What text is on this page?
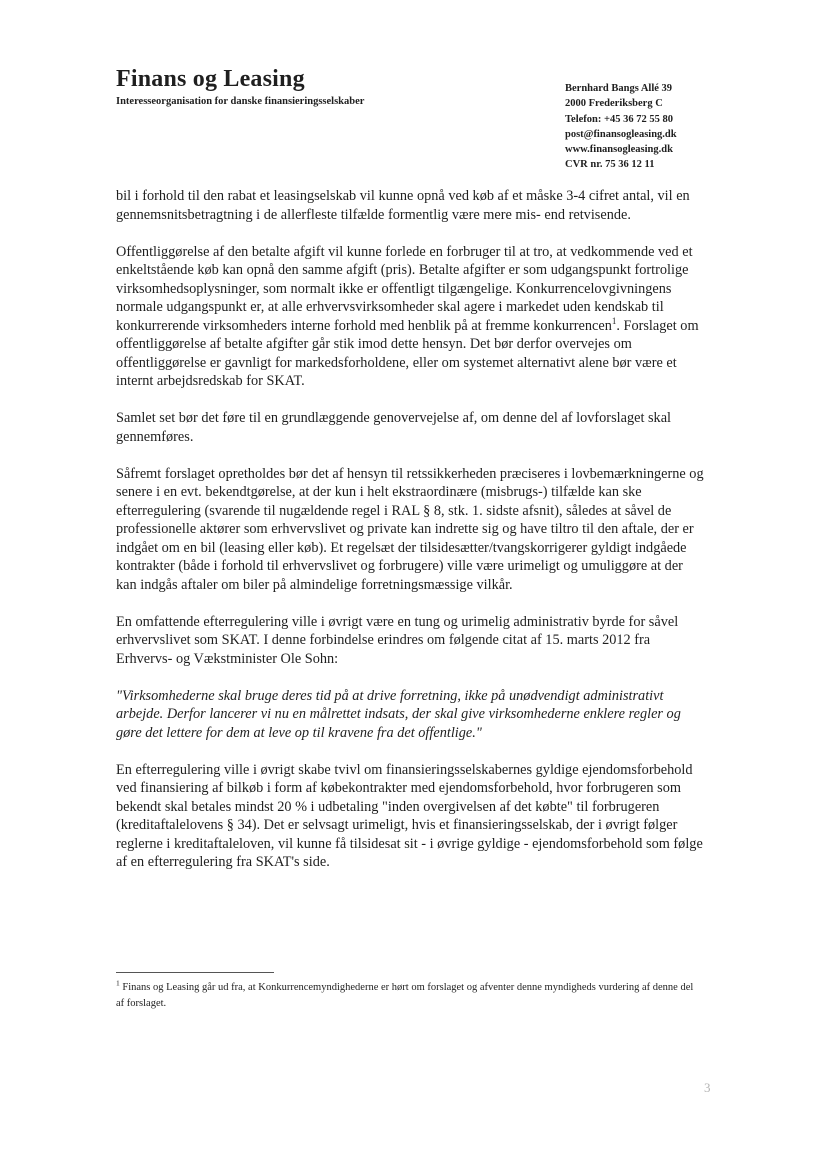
Finans og Leasing
Interesseorganisation for danske finansieringsselskaber
Bernhard Bangs Allé 39
2000 Frederiksberg C
Telefon: +45 36 72 55 80
post@finansogleasing.dk
www.finansogleasing.dk
CVR nr. 75 36 12 11

bil i forhold til den rabat et leasingselskab vil kunne opnå ved køb af et måske 3-4 cifret antal, vil en gennemsnitsbetragtning i de allerfleste tilfælde formentlig være mere mis- end retvisende.

Offentliggørelse af den betalte afgift vil kunne forlede en forbruger til at tro, at vedkommende ved et enkeltstående køb kan opnå den samme afgift (pris). Betalte afgifter er som udgangspunkt fortrolige virksomhedsoplysninger, som normalt ikke er offentligt tilgængelige. Konkurrencelovgivningens normale udgangspunkt er, at alle erhvervsvirksomheder skal agere i markedet uden kendskab til konkurrerende virksomheders interne forhold med henblik på at fremme konkurrencen$^1$. Forslaget om offentliggørelse af betalte afgifter går stik imod dette hensyn. Det bør derfor overvejes om offentliggørelse er gavnligt for markedsforholdene, eller om systemet alternativt alene bør være et internt arbejdsredskab for SKAT.

Samlet set bør det føre til en grundlæggende genovervejelse af, om denne del af lovforslaget skal gennemføres.

Såfremt forslaget opretholdes bør det af hensyn til retssikkerheden præciseres i lovbemærkningerne og senere i en evt. bekendtgørelse, at der kun i helt ekstraordinære (misbrugs-) tilfælde kan ske efterregulering (svarende til nugældende regel i RAL § 8, stk. 1. sidste afsnit), således at såvel de professionelle aktører som erhvervslivet og private kan indrette sig og have tiltro til den aftale, der er indgået om en bil (leasing eller køb). Et regelsæt der tilsidesætter/tvangskorrigerer gyldigt indgåede kontrakter (både i forhold til erhvervslivet og forbrugere) ville være urimeligt og umuliggøre at der kan indgås aftaler om biler på almindelige forretningsmæssige vilkår.

En omfattende efterregulering ville i øvrigt være en tung og urimelig administrativ byrde for såvel erhvervslivet som SKAT. I denne forbindelse erindres om følgende citat af 15. marts 2012 fra Erhvervs- og Vækstminister Ole Sohn:

"Virksomhederne skal bruge deres tid på at drive forretning, ikke på unødvendigt administrativt arbejde. Derfor lancerer vi nu en målrettet indsats, der skal give virksomhederne enklere regler og gøre det lettere for dem at leve op til kravene fra det offentlige."

En efterregulering ville i øvrigt skabe tvivl om finansieringsselskabernes gyldige ejendomsforbehold ved finansiering af bilkøb i form af købekontrakter med ejendomsforbehold, hvor forbrugeren som bekendt skal betales mindst 20 % i udbetaling "inden overgivelsen af det købte" til forbrugeren (kreditaftalelovens § 34). Det er selvsagt urimeligt, hvis et finansieringsselskab, der i øvrigt følger reglerne i kreditaftaleloven, vil kunne få tilsidesat sit - i øvrige gyldige - ejendomsforbehold som følge af en efterregulering fra SKAT's side.

$^1$ Finans og Leasing går ud fra, at Konkurrencemyndighederne er hørt om forslaget og afventer denne myndigheds vurdering af denne del af forslaget.
3
